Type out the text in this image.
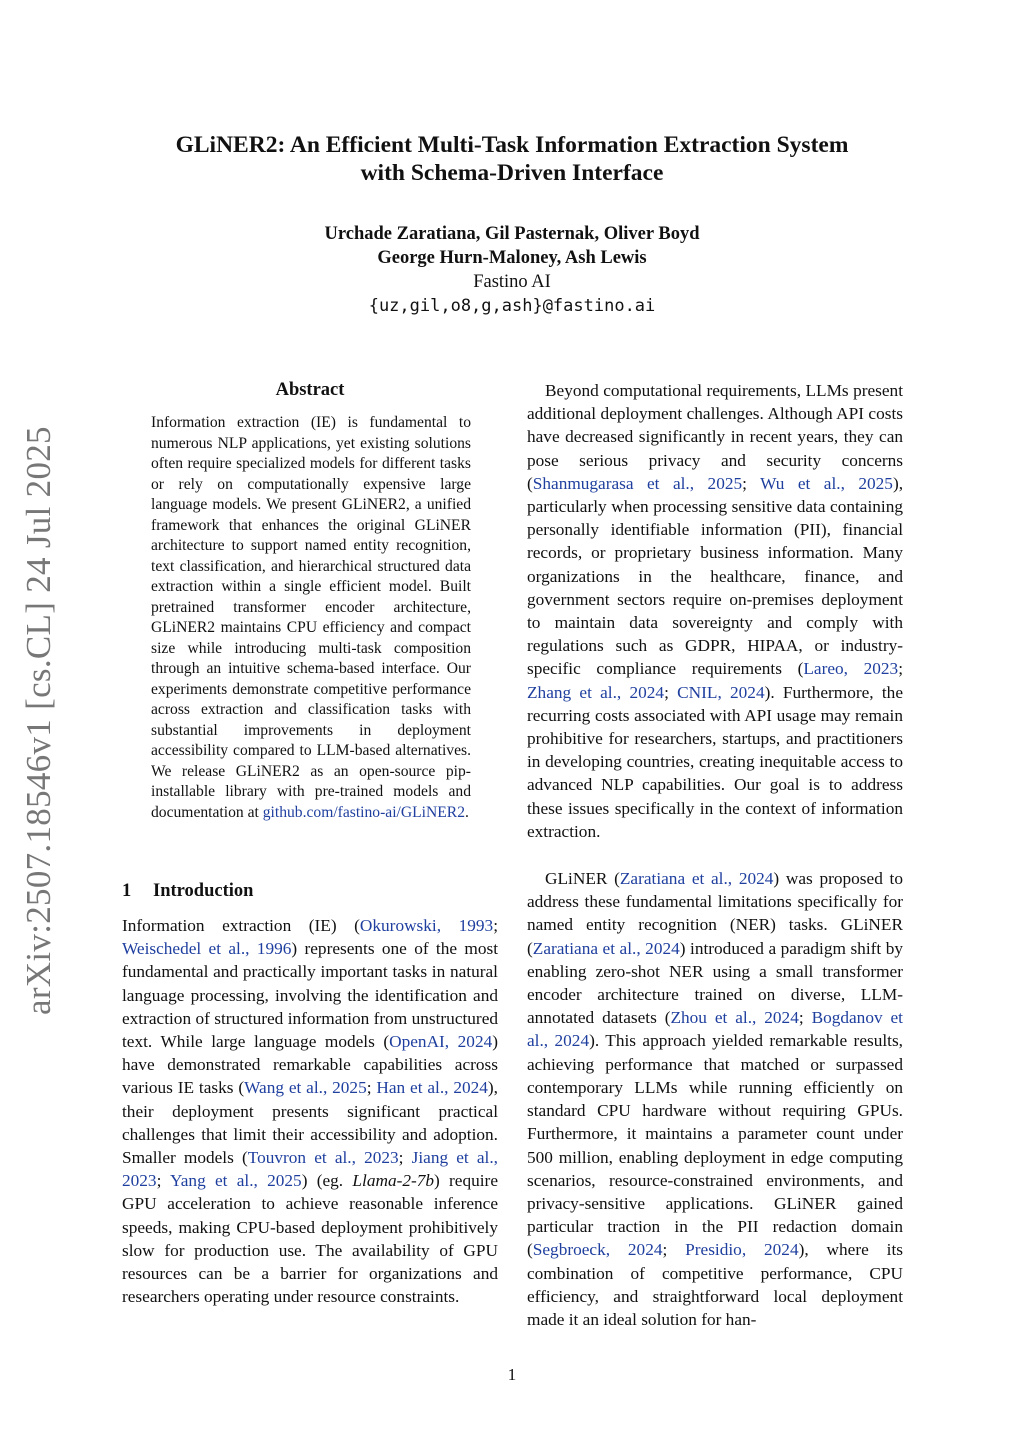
GLiNER2: An Efficient Multi-Task Information Extraction System
with Schema-Driven Interface
Urchade Zaratiana, Gil Pasternak, Oliver Boyd
George Hurn-Maloney, Ash Lewis
Fastino AI
{uz,gil,o8,g,ash}@fastino.ai
arXiv:2507.18546v1 [cs.CL] 24 Jul 2025
Abstract

Information extraction (IE) is fundamental to numerous NLP applications, yet existing solutions often require specialized models for different tasks or rely on computationally expensive large language models. We present GLiNER2, a unified framework that enhances the original GLiNER architecture to support named entity recognition, text classification, and hierarchical structured data extraction within a single efficient model. Built pretrained transformer encoder architecture, GLiNER2 maintains CPU efficiency and compact size while introducing multi-task composition through an intuitive schema-based interface. Our experiments demonstrate competitive performance across extraction and classification tasks with substantial improvements in deployment accessibility compared to LLM-based alternatives. We release GLiNER2 as an open-source pip-installable library with pre-trained models and documentation at github.com/fastino-ai/GLiNER2.

1 Introduction

Information extraction (IE) (Okurowski, 1993; Weischedel et al., 1996) represents one of the most fundamental and practically important tasks in natural language processing, involving the identification and extraction of structured information from unstructured text. While large language models (OpenAI, 2024) have demonstrated remarkable capabilities across various IE tasks (Wang et al., 2025; Han et al., 2024), their deployment presents significant practical challenges that limit their accessibility and adoption. Smaller models (Touvron et al., 2023; Jiang et al., 2023; Yang et al., 2025) (eg. Llama-2-7b) require GPU acceleration to achieve reasonable inference speeds, making CPU-based deployment prohibitively slow for production use. The availability of GPU resources can be a barrier for organizations and researchers operating under resource constraints.

Beyond computational requirements, LLMs present additional deployment challenges. Although API costs have decreased significantly in recent years, they can pose serious privacy and security concerns (Shanmugarasa et al., 2025; Wu et al., 2025), particularly when processing sensitive data containing personally identifiable information (PII), financial records, or proprietary business information. Many organizations in the healthcare, finance, and government sectors require on-premises deployment to maintain data sovereignty and comply with regulations such as GDPR, HIPAA, or industry-specific compliance requirements (Lareo, 2023; Zhang et al., 2024; CNIL, 2024). Furthermore, the recurring costs associated with API usage may remain prohibitive for researchers, startups, and practitioners in developing countries, creating inequitable access to advanced NLP capabilities. Our goal is to address these issues specifically in the context of information extraction.

GLiNER (Zaratiana et al., 2024) was proposed to address these fundamental limitations specifically for named entity recognition (NER) tasks. GLiNER (Zaratiana et al., 2024) introduced a paradigm shift by enabling zero-shot NER using a small transformer encoder architecture trained on diverse, LLM-annotated datasets (Zhou et al., 2024; Bogdanov et al., 2024). This approach yielded remarkable results, achieving performance that matched or surpassed contemporary LLMs while running efficiently on standard CPU hardware without requiring GPUs. Furthermore, it maintains a parameter count under 500 million, enabling deployment in edge computing scenarios, resource-constrained environments, and privacy-sensitive applications. GLiNER gained particular traction in the PII redaction domain (Segbroeck, 2024; Presidio, 2024), where its combination of competitive performance, CPU efficiency, and straightforward local deployment made it an ideal solution for han-

1
